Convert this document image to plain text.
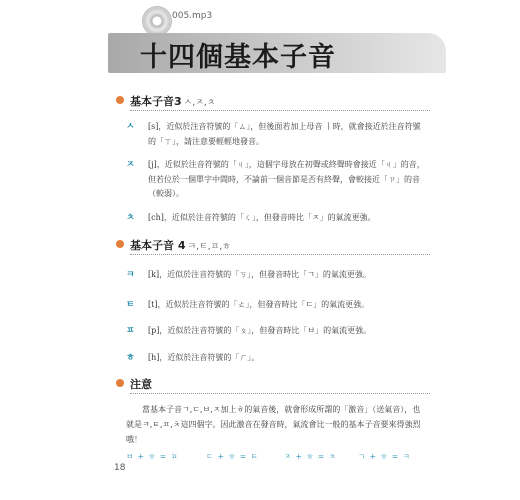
005.mp3
十四個基本子音
基本子音3 ㅅ,ㅈ,ㅊ
ㅅ [s]，近似於注音符號的「ㄙ」，但後面若加上母音 ㅣ時，就會接近於注音符號的「ㄒ」，請注意要輕輕地發音。
ㅈ [j]，近似於注音符號的「ㄐ」，這個字母放在初聲或終聲時會接近「ㄐ」的音，但若位於一個單字中間時，不論前一個音節是否有終聲，會較接近「ㄗ」的音（較弱）。
ㅊ [ch]，近似於注音符號的「ㄑ」，但發音時比「ㅈ」的氣流更強。
基本子音 4 ㅋ,ㅌ,ㅍ,ㅎ
ㅋ [k]，近似於注音符號的「ㄎ」，但發音時比「ㄱ」的氣流更強。
ㅌ [t]，近似於注音符號的「ㄊ」，但發音時比「ㄷ」的氣流更強。
ㅍ [p]，近似於注音符號的「ㄆ」，但發音時比「ㅂ」的氣流更強。
ㅎ [h]，近似於注音符號的「ㄏ」。
注意
當基本子音ㄱ,ㄷ,ㅂ,ㅈ加上ㅎ的氣音後，就會形成所謂的「激音」（送氣音），也就是ㅋ,ㅌ,ㅍ,ㅊ這四個字。因此激音在發音時，氣流會比一般的基本子音要來得強烈哦！
ㅂ + ㅎ = ㅍ	ㄷ + ㅎ = ㅌ	ㅈ + ㅎ = ㅊ	ㄱ + ㅎ = ㅋ
18
